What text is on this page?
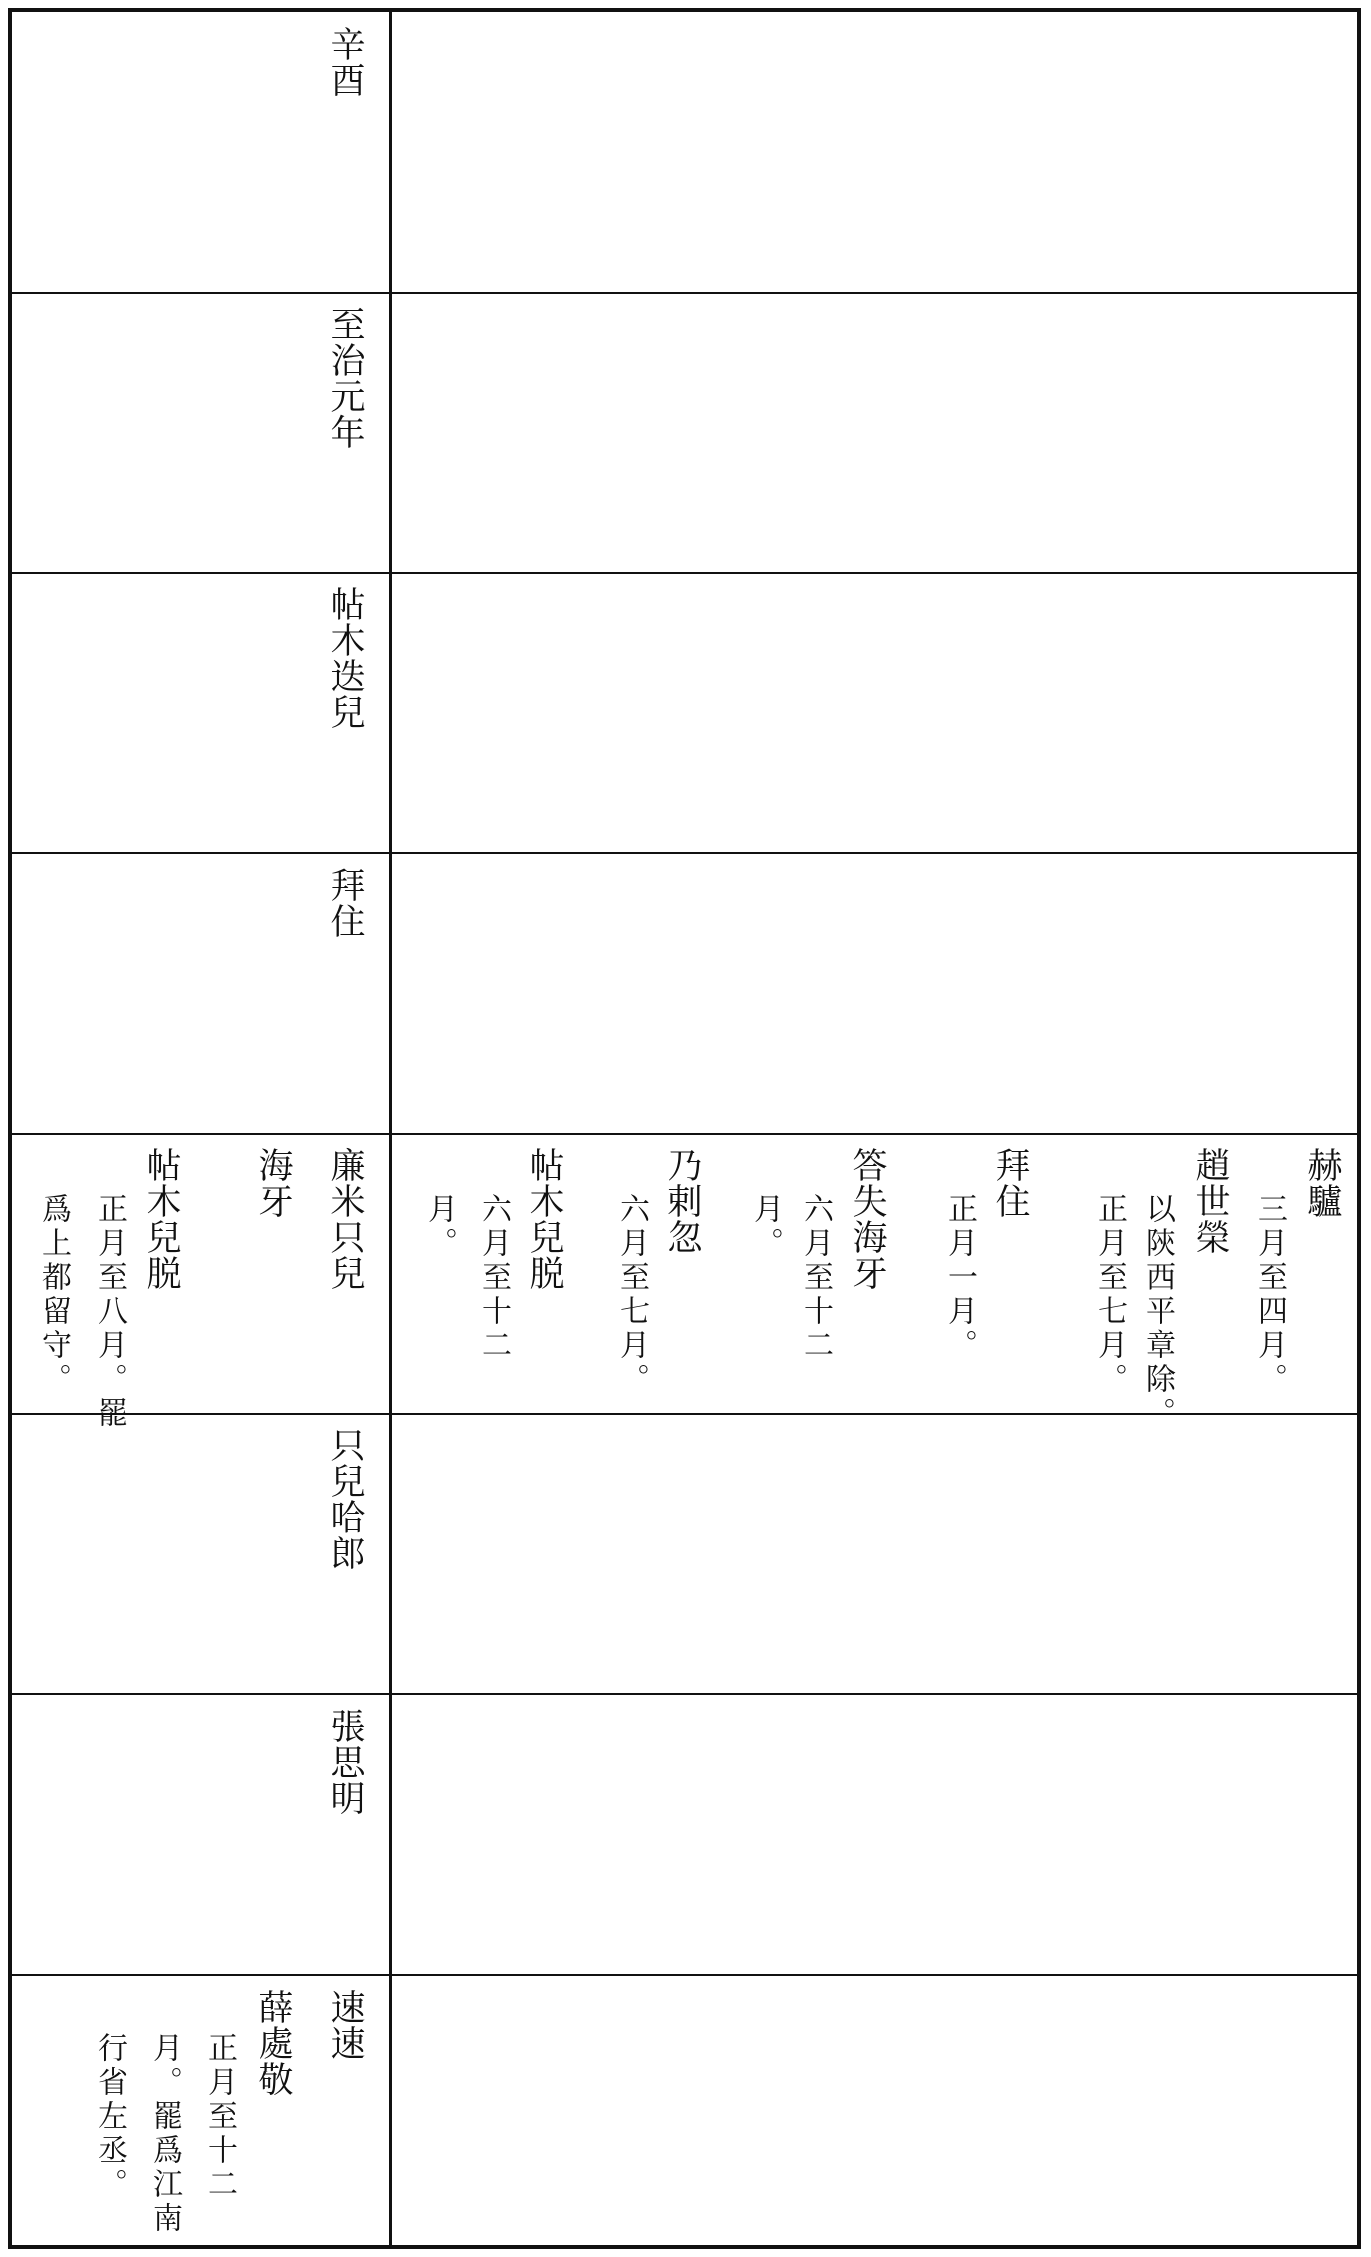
辛酉
至治元年
帖木迭兒
拜住
廉米只兒
海牙
帖木兒脱
正月至八月。罷
爲上都留守。
赫驢
三月至四月。
趙世榮
以陝西平章除。
正月至七月。
拜住
正月一月。
答失海牙
六月至十二
月。
乃剌忽
六月至七月。
帖木兒脱
六月至十二
月。
只兒哈郎
張思明
速速
薛處敬
正月至十二
月。罷爲江南
行省左丞。
